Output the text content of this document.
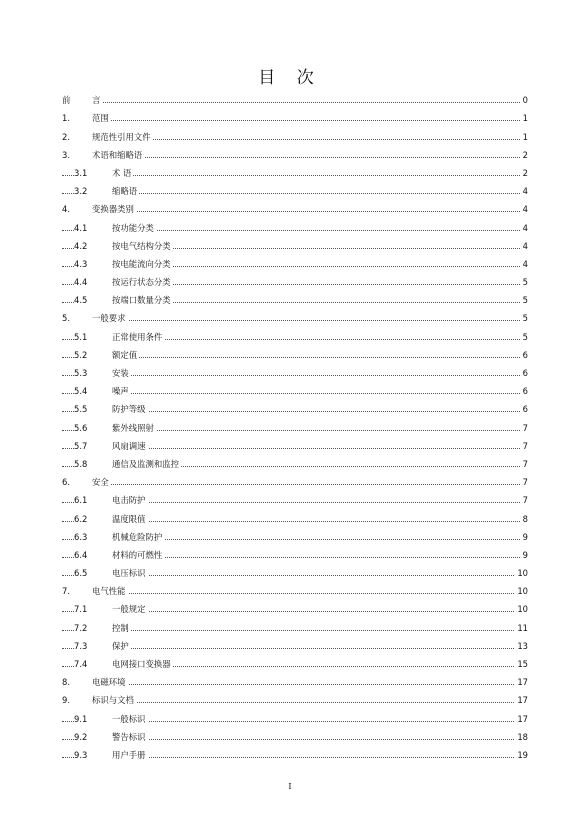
目 次
前	言	0
1.	范围	1
2.	规范性引用文件	1
3.	术语和缩略语	2
3.1	术 语	2
3.2	缩略语	4
4.	变换器类别	4
4.1	按功能分类	4
4.2	按电气结构分类	4
4.3	按电能流向分类	4
4.4	按运行状态分类	5
4.5	按端口数量分类	5
5.	一般要求	5
5.1	正常使用条件	5
5.2	额定值	6
5.3	安装	6
5.4	噪声	6
5.5	防护等级	6
5.6	紫外线照射	7
5.7	风扇调速	7
5.8	通信及监测和监控	7
6.	安全	7
6.1	电击防护	7
6.2	温度限值	8
6.3	机械危险防护	9
6.4	材料的可燃性	9
6.5	电压标识	10
7.	电气性能	10
7.1	一般规定	10
7.2	控制	11
7.3	保护	13
7.4	电网接口变换器	15
8.	电磁环境	17
9.	标识与文档	17
9.1	一般标识	17
9.2	警告标识	18
9.3	用户手册	19
I
